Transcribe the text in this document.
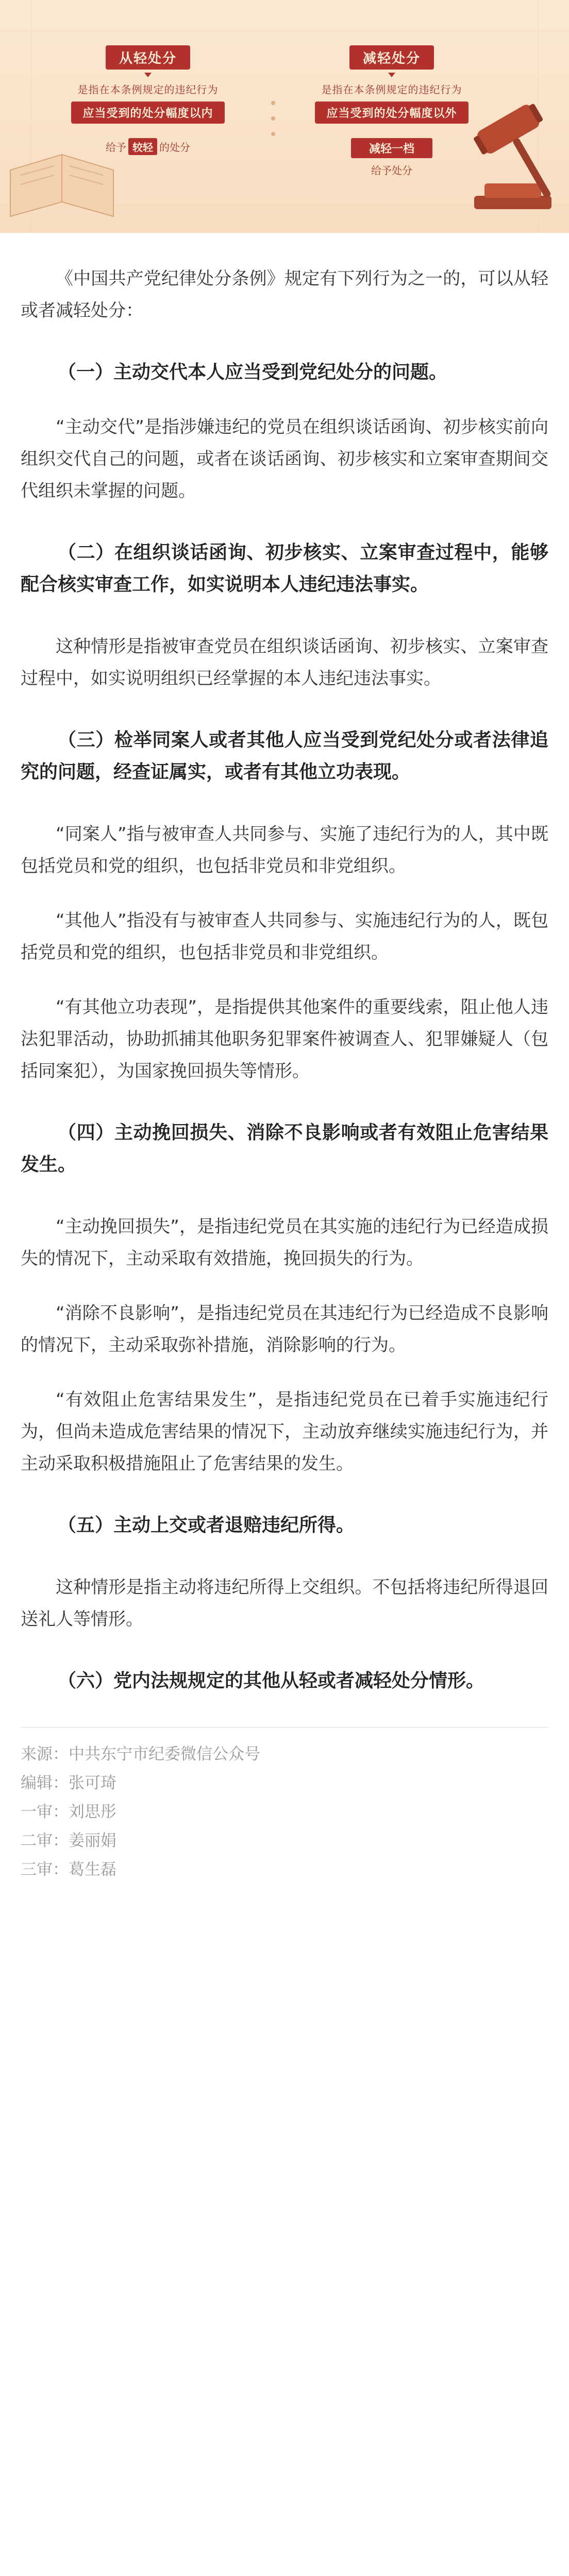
从轻处分
是指在本条例规定的违纪行为
应当受到的处分幅度以内
给予 较轻 的处分
减轻处分
是指在本条例规定的违纪行为
应当受到的处分幅度以外
减轻一档
给予处分

《中国共产党纪律处分条例》规定有下列行为之一的，可以从轻或者减轻处分：

（一）主动交代本人应当受到党纪处分的问题。

“主动交代”是指涉嫌违纪的党员在组织谈话函询、初步核实前向组织交代自己的问题，或者在谈话函询、初步核实和立案审查期间交代组织未掌握的问题。

（二）在组织谈话函询、初步核实、立案审查过程中，能够配合核实审查工作，如实说明本人违纪违法事实。

这种情形是指被审查党员在组织谈话函询、初步核实、立案审查过程中，如实说明组织已经掌握的本人违纪违法事实。

（三）检举同案人或者其他人应当受到党纪处分或者法律追究的问题，经查证属实，或者有其他立功表现。

“同案人”指与被审查人共同参与、实施了违纪行为的人，其中既包括党员和党的组织，也包括非党员和非党组织。

“其他人”指没有与被审查人共同参与、实施违纪行为的人，既包括党员和党的组织，也包括非党员和非党组织。

“有其他立功表现”，是指提供其他案件的重要线索，阻止他人违法犯罪活动，协助抓捕其他职务犯罪案件被调查人、犯罪嫌疑人（包括同案犯），为国家挽回损失等情形。

（四）主动挽回损失、消除不良影响或者有效阻止危害结果发生。

“主动挽回损失”，是指违纪党员在其实施的违纪行为已经造成损失的情况下，主动采取有效措施，挽回损失的行为。

“消除不良影响”，是指违纪党员在其违纪行为已经造成不良影响的情况下，主动采取弥补措施，消除影响的行为。

“有效阻止危害结果发生”，是指违纪党员在已着手实施违纪行为，但尚未造成危害结果的情况下，主动放弃继续实施违纪行为，并主动采取积极措施阻止了危害结果的发生。

（五）主动上交或者退赔违纪所得。

这种情形是指主动将违纪所得上交组织。不包括将违纪所得退回送礼人等情形。

（六）党内法规规定的其他从轻或者减轻处分情形。

来源：中共东宁市纪委微信公众号
编辑：张可琦
一审：刘思彤
二审：姜丽娟
三审：葛生磊
